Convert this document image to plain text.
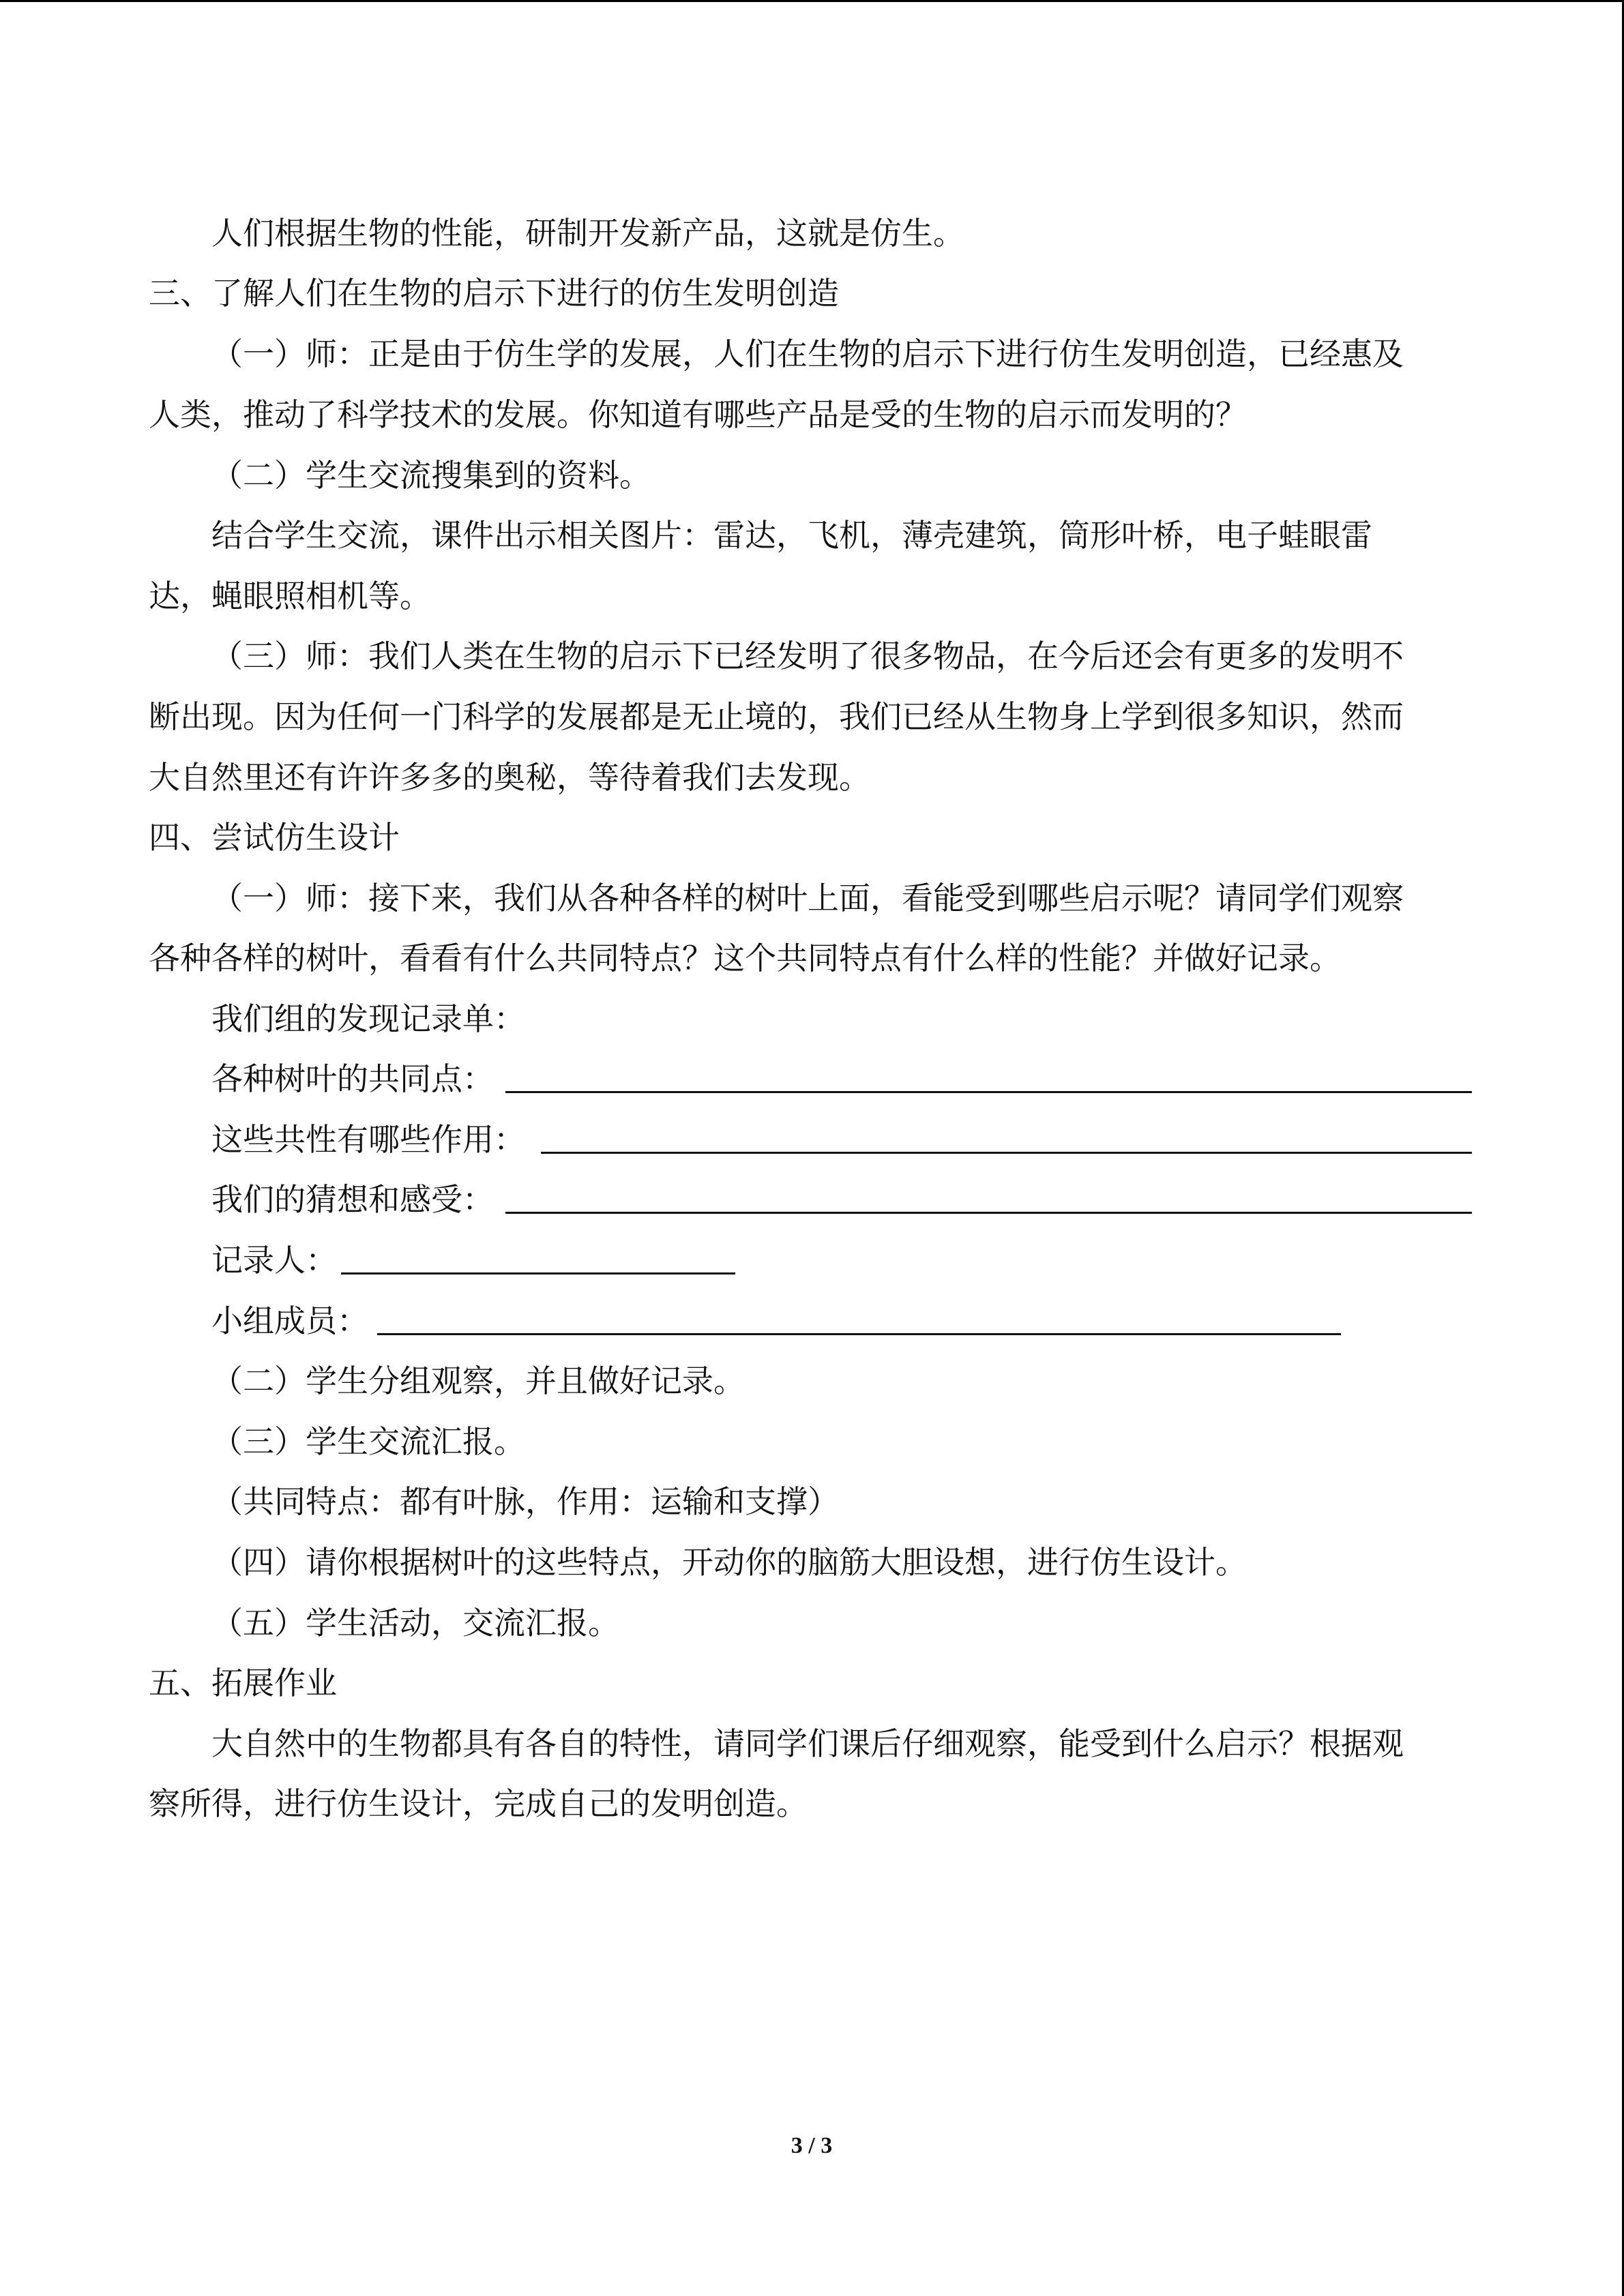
人们根据生物的性能，研制开发新产品，这就是仿生。
三、了解人们在生物的启示下进行的仿生发明创造
（一）师：正是由于仿生学的发展，人们在生物的启示下进行仿生发明创造，已经惠及
人类，推动了科学技术的发展。你知道有哪些产品是受的生物的启示而发明的？
（二）学生交流搜集到的资料。
结合学生交流，课件出示相关图片：雷达，飞机，薄壳建筑，筒形叶桥，电子蛙眼雷
达，蝇眼照相机等。
（三）师：我们人类在生物的启示下已经发明了很多物品，在今后还会有更多的发明不
断出现。因为任何一门科学的发展都是无止境的，我们已经从生物身上学到很多知识，然而
大自然里还有许许多多的奥秘，等待着我们去发现。
四、尝试仿生设计
（一）师：接下来，我们从各种各样的树叶上面，看能受到哪些启示呢？请同学们观察
各种各样的树叶，看看有什么共同特点？这个共同特点有什么样的性能？并做好记录。
我们组的发现记录单：
各种树叶的共同点：
这些共性有哪些作用：
我们的猜想和感受：
记录人：
小组成员：
（二）学生分组观察，并且做好记录。
（三）学生交流汇报。
（共同特点：都有叶脉，作用：运输和支撑）
（四）请你根据树叶的这些特点，开动你的脑筋大胆设想，进行仿生设计。
（五）学生活动，交流汇报。
五、拓展作业
大自然中的生物都具有各自的特性，请同学们课后仔细观察，能受到什么启示？根据观
察所得，进行仿生设计，完成自己的发明创造。
3 / 3
